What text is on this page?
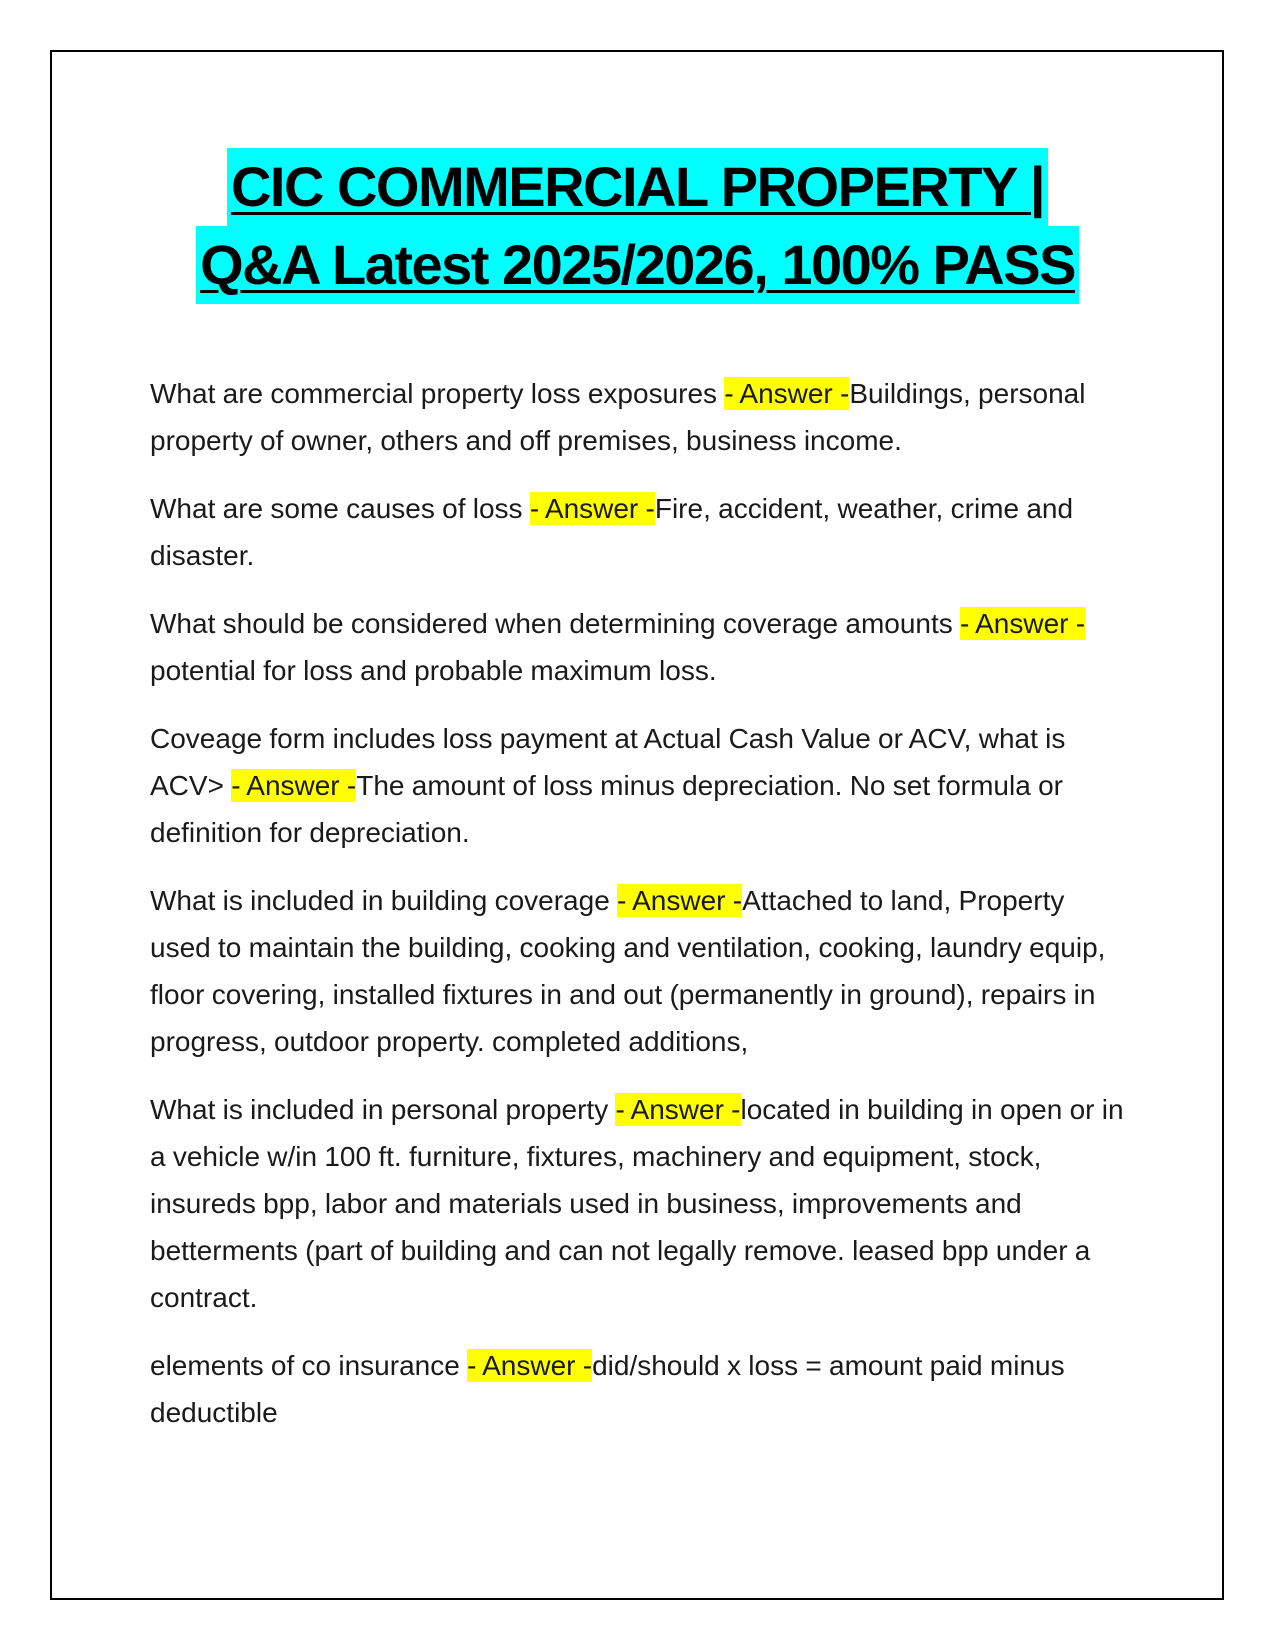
CIC COMMERCIAL PROPERTY |
Q&A Latest 2025/2026, 100% PASS

What are commercial property loss exposures - Answer -Buildings, personal property of owner, others and off premises, business income.

What are some causes of loss - Answer -Fire, accident, weather, crime and disaster.

What should be considered when determining coverage amounts - Answer -potential for loss and probable maximum loss.

Coveage form includes loss payment at Actual Cash Value or ACV, what is ACV> - Answer -The amount of loss minus depreciation. No set formula or definition for depreciation.

What is included in building coverage - Answer -Attached to land, Property used to maintain the building, cooking and ventilation, cooking, laundry equip, floor covering, installed fixtures in and out (permanently in ground), repairs in progress, outdoor property. completed additions,

What is included in personal property - Answer -located in building in open or in a vehicle w/in 100 ft. furniture, fixtures, machinery and equipment, stock, insureds bpp, labor and materials used in business, improvements and betterments (part of building and can not legally remove. leased bpp under a contract.

elements of co insurance - Answer -did/should x loss = amount paid minus deductible
